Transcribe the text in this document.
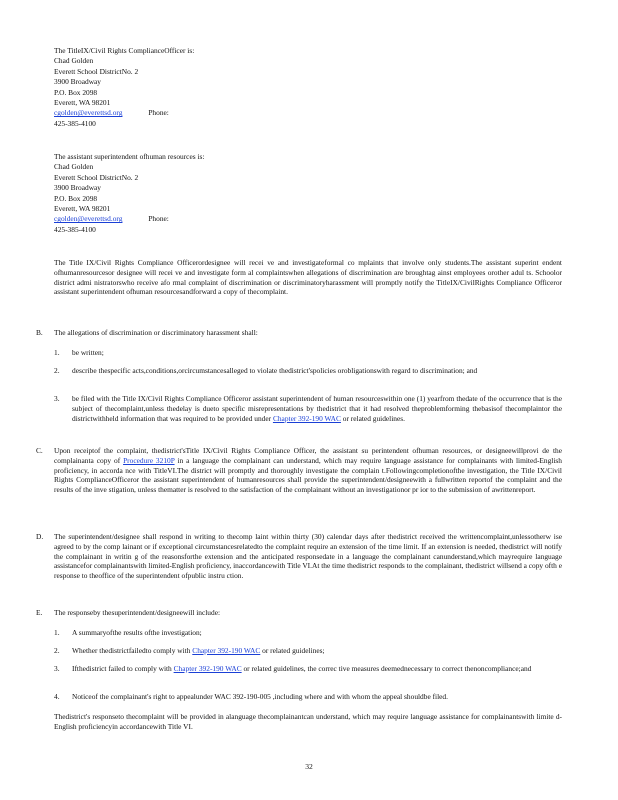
The TitleIX/Civil Rights ComplianceOfficer is:
Chad Golden
Everett School DistrictNo. 2
3900 Broadway
P.O. Box 2098
Everett, WA 98201
cgolden@everettsd.org	Phone:
425-385-4100
The assistant superintendent ofhuman resources is:
Chad Golden
Everett School DistrictNo. 2
3900 Broadway
P.O. Box 2098
Everett, WA 98201
cgolden@everettsd.org	Phone:
425-385-4100
The Title IX/Civil Rights Compliance Officerordesignee will recei ve and investigateformal co mplaints that involve only students.The assistant superint endent ofhumanresourcesor designee will recei ve and investigate form al complaintswhen allegations of discrimination are broughtag ainst employees orother adul ts. Schoolor district admi nistratorswho receive afo rmal complaint of discrimination or discriminatoryharassment will promptly notify the TitleIX/CivilRights Compliance Officeror assistant superintendent ofhuman resourcesandforward a copy of thecomplaint.
B.	The allegations of discrimination or discriminatory harassment shall:
1.	be written;
2.	describe thespecific acts,conditions,orcircumstancesalleged to violate thedistrict'spolicies orobligationswith regard to discrimination; and
3.	be filed with the Title IX/Civil Rights Compliance Officeror assistant superintendent of human resourceswithin one (1) yearfrom thedate of the occurrence that is the subject of thecomplaint,unless thedelay is dueto specific misrepresentations by thedistrict that it had resolved theproblemforming thebasisof thecomplaintor the districtwithheld information that was required to be provided under Chapter 392-190 WAC or related guidelines.
C.	Upon receiptof the complaint, thedistrict'sTitle IX/Civil Rights Compliance Officer, the assistant su perintendent ofhuman resources, or designeewillprovi de the complainanta copy of Procedure 3210P in a language the complainant can understand, which may require language assistance for complainants with limited-English proficiency, in accorda nce with TitleVI.The district will promptly and thoroughly investigate the complain t.Followingcompletionofthe investigation, the Title IX/Civil Rights ComplianceOfficeror the assistant superintendent of humanresources shall provide the superintendent/designeewith a fullwritten reportof the complaint and the results of the inve stigation, unless thematter is resolved to the satisfaction of the complainant without an investigationor pr ior to the submission of awrittenreport.
D.	The superintendent/designee shall respond in writing to thecomp laint within thirty (30) calendar days after thedistrict received the writtencomplaint,unlessotherw ise agreed to by the comp lainant or if exceptional circumstancesrelatedto the complaint require an extension of the time limit. If an extension is needed, thedistrict will notify the complainant in writin g of the reasonsforthe extension and the anticipated responsedate in a language the complainant canunderstand,which mayrequire language assistancefor complainantswith limited-English proficiency, inaccordancewith Title VI.At the time thedistrict responds to the complainant, thedistrict willsend a copy ofth e response to theoffice of the superintendent ofpublic instru ction.
E.	The responseby thesuperintendent/designeewill include:
1.	A summaryofthe results ofthe investigation;
2.	Whether thedistrictfailedto comply with Chapter 392-190 WAC or related guidelines;
3.	Ifthedistrict failed to comply with Chapter 392-190 WAC or related guidelines, the correc tive measures deemednecessary to correct thenoncompliance;and
4.	Noticeof the complainant's right to appealunder WAC 392-190-005 ,including where and with whom the appeal shouldbe filed.
Thedistrict's responseto thecomplaint will be provided in alanguage thecomplainantcan understand, which may require language assistance for complainantswith limite d-English proficiencyin accordancewith Title VI.
32
